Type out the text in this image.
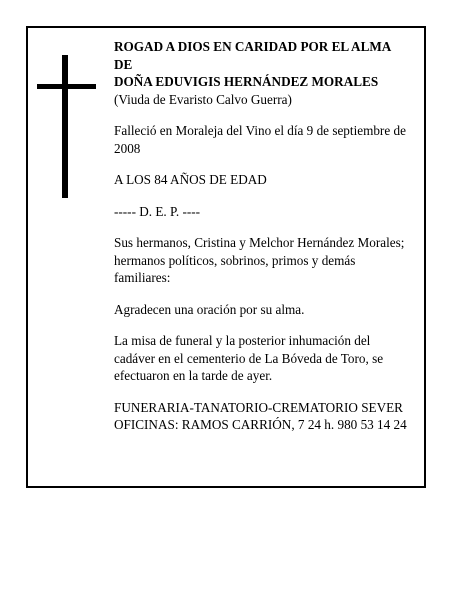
ROGAD A DIOS EN CARIDAD POR EL ALMA
DE
DOÑA EDUVIGIS HERNÁNDEZ MORALES
(Viuda de Evaristo Calvo Guerra)

Falleció en Moraleja del Vino el día 9 de septiembre de
2008

A LOS 84 AÑOS DE EDAD

----- D. E. P. ----

Sus hermanos, Cristina y Melchor Hernández Morales;
hermanos políticos, sobrinos, primos y demás
familiares:

Agradecen una oración por su alma.

La misa de funeral y la posterior inhumación del
cadáver en el cementerio de La Bóveda de Toro, se
efectuaron en la tarde de ayer.

FUNERARIA-TANATORIO-CREMATORIO SEVER
OFICINAS: RAMOS CARRIÓN, 7 24 h. 980 53 14 24
